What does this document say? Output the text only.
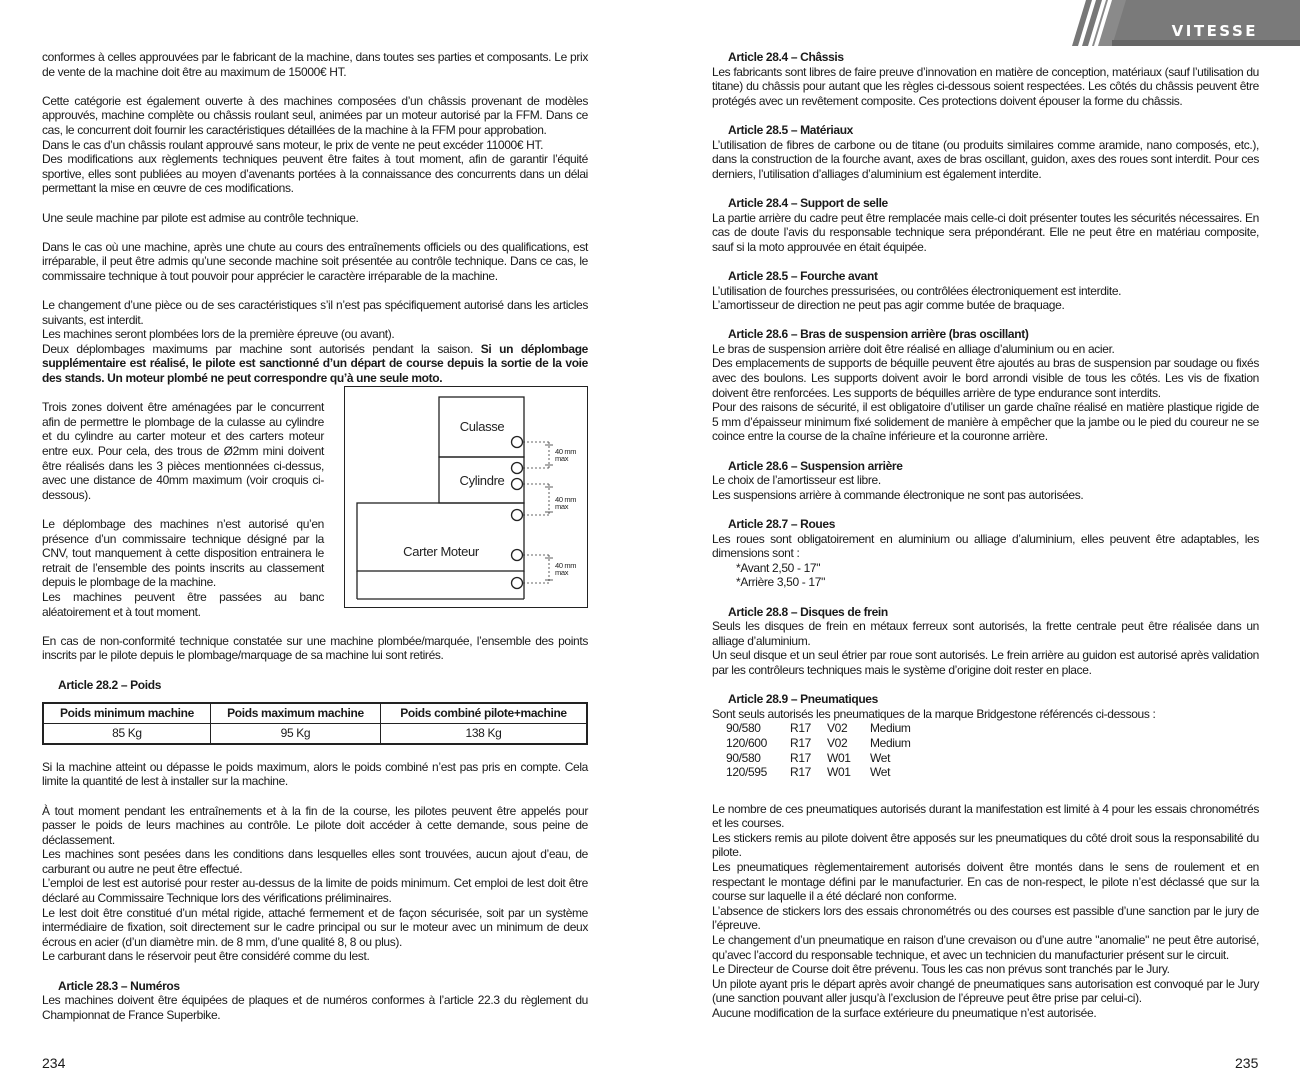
VITESSE

conformes à celles approuvées par le fabricant de la machine, dans toutes ses parties et composants. Le prix de vente de la machine doit être au maximum de 15000€ HT.

Cette catégorie est également ouverte à des machines composées d’un châssis provenant de modèles approuvés, machine complète ou châssis roulant seul, animées par un moteur autorisé par la FFM. Dans ce cas, le concurrent doit fournir les caractéristiques détaillées de la machine à la FFM pour approbation.

Dans le cas d’un châssis roulant approuvé sans moteur, le prix de vente ne peut excéder 11000€ HT.

Des modifications aux règlements techniques peuvent être faites à tout moment, afin de garantir l’équité sportive, elles sont publiées au moyen d’avenants portées à la connaissance des concurrents dans un délai permettant la mise en œuvre de ces modifications.

Une seule machine par pilote est admise au contrôle technique.

Dans le cas où une machine, après une chute au cours des entraînements officiels ou des qualifications, est irréparable, il peut être admis qu’une seconde machine soit présentée au contrôle technique. Dans ce cas, le commissaire technique à tout pouvoir pour apprécier le caractère irréparable de la machine.

Le changement d’une pièce ou de ses caractéristiques s’il n’est pas spécifiquement autorisé dans les articles suivants, est interdit.

Les machines seront plombées lors de la première épreuve (ou avant).

Deux déplombages maximums par machine sont autorisés pendant la saison. Si un déplombage supplémentaire est réalisé, le pilote est sanctionné d’un départ de course depuis la sortie de la voie des stands. Un moteur plombé ne peut correspondre qu’à une seule moto.

Trois zones doivent être aménagées par le concurrent afin de permettre le plombage de la culasse au cylindre et du cylindre au carter moteur et des carters moteur entre eux. Pour cela, des trous de Ø2mm mini doivent être réalisés dans les 3 pièces mentionnées ci-dessus, avec une distance de 40mm maximum (voir croquis ci-dessous).

Le déplombage des machines n’est autorisé qu’en présence d’un commissaire technique désigné par la CNV, tout manquement à cette disposition entrainera le retrait de l’ensemble des points inscrits au classement depuis le plombage de la machine.

Les machines peuvent être passées au banc aléatoirement et à tout moment.

Culasse
Cylindre
Carter Moteur
40 mm
max
40 mm
max
40 mm
max

En cas de non-conformité technique constatée sur une machine plombée/marquée, l’ensemble des points inscrits par le pilote depuis le plombage/marquage de sa machine lui sont retirés.

Article 28.2 – Poids

Poids minimum machine	Poids maximum machine	Poids combiné pilote+machine
85 Kg	95 Kg	138 Kg

Si la machine atteint ou dépasse le poids maximum, alors le poids combiné n’est pas pris en compte. Cela limite la quantité de lest à installer sur la machine.

À tout moment pendant les entraînements et à la fin de la course, les pilotes peuvent être appelés pour passer le poids de leurs machines au contrôle. Le pilote doit accéder à cette demande, sous peine de déclassement.

Les machines sont pesées dans les conditions dans lesquelles elles sont trouvées, aucun ajout d’eau, de carburant ou autre ne peut être effectué.

L’emploi de lest est autorisé pour rester au-dessus de la limite de poids minimum. Cet emploi de lest doit être déclaré au Commissaire Technique lors des vérifications préliminaires.

Le lest doit être constitué d’un métal rigide, attaché fermement et de façon sécurisée, soit par un système intermédiaire de fixation, soit directement sur le cadre principal ou sur le moteur avec un minimum de deux écrous en acier (d’un diamètre min. de 8 mm, d’une qualité 8, 8 ou plus).

Le carburant dans le réservoir peut être considéré comme du lest.

Article 28.3 – Numéros

Les machines doivent être équipées de plaques et de numéros conformes à l’article 22.3 du règlement du Championnat de France Superbike.

234

Article 28.4 – Châssis

Les fabricants sont libres de faire preuve d’innovation en matière de conception, matériaux (sauf l’utilisation du titane) du châssis pour autant que les règles ci-dessous soient respectées. Les côtés du châssis peuvent être protégés avec un revêtement composite. Ces protections doivent épouser la forme du châssis.

Article 28.5 – Matériaux

L’utilisation de fibres de carbone ou de titane (ou produits similaires comme aramide, nano composés, etc.), dans la construction de la fourche avant, axes de bras oscillant, guidon, axes des roues sont interdit. Pour ces derniers, l’utilisation d’alliages d’aluminium est également interdite.

Article 28.4 – Support de selle

La partie arrière du cadre peut être remplacée mais celle-ci doit présenter toutes les sécurités nécessaires. En cas de doute l’avis du responsable technique sera prépondérant. Elle ne peut être en matériau composite, sauf si la moto approuvée en était équipée.

Article 28.5 – Fourche avant

L’utilisation de fourches pressurisées, ou contrôlées électroniquement est interdite.

L’amortisseur de direction ne peut pas agir comme butée de braquage.

Article 28.6 – Bras de suspension arrière (bras oscillant)

Le bras de suspension arrière doit être réalisé en alliage d’aluminium ou en acier.

Des emplacements de supports de béquille peuvent être ajoutés au bras de suspension par soudage ou fixés avec des boulons. Les supports doivent avoir le bord arrondi visible de tous les côtés. Les vis de fixation doivent être renforcées. Les supports de béquilles arrière de type endurance sont interdits.

Pour des raisons de sécurité, il est obligatoire d’utiliser un garde chaîne réalisé en matière plastique rigide de 5 mm d’épaisseur minimum fixé solidement de manière à empêcher que la jambe ou le pied du coureur ne se coince entre la course de la chaîne inférieure et la couronne arrière.

Article 28.6 – Suspension arrière

Le choix de l’amortisseur est libre.

Les suspensions arrière à commande électronique ne sont pas autorisées.

Article 28.7 – Roues

Les roues sont obligatoirement en aluminium ou alliage d’aluminium, elles peuvent être adaptables, les dimensions sont :

*Avant 2,50 - 17"

*Arrière 3,50 - 17"

Article 28.8 – Disques de frein

Seuls les disques de frein en métaux ferreux sont autorisés, la frette centrale peut être réalisée dans un alliage d’aluminium.

Un seul disque et un seul étrier par roue sont autorisés. Le frein arrière au guidon est autorisé après validation par les contrôleurs techniques mais le système d’origine doit rester en place.

Article 28.9 – Pneumatiques

Sont seuls autorisés les pneumatiques de la marque Bridgestone référencés ci-dessous :

90/580	R17	V02	Medium
120/600	R17	V02	Medium
90/580	R17	W01	Wet
120/595	R17	W01	Wet

Le nombre de ces pneumatiques autorisés durant la manifestation est limité à 4 pour les essais chronométrés et les courses.

Les stickers remis au pilote doivent être apposés sur les pneumatiques du côté droit sous la responsabilité du pilote.

Les pneumatiques règlementairement autorisés doivent être montés dans le sens de roulement et en respectant le montage défini par le manufacturier. En cas de non-respect, le pilote n’est déclassé que sur la course sur laquelle il a été déclaré non conforme.

L’absence de stickers lors des essais chronométrés ou des courses est passible d’une sanction par le jury de l’épreuve.

Le changement d’un pneumatique en raison d’une crevaison ou d’une autre "anomalie" ne peut être autorisé, qu’avec l’accord du responsable technique, et avec un technicien du manufacturier présent sur le circuit.

Le Directeur de Course doit être prévenu. Tous les cas non prévus sont tranchés par le Jury.

Un pilote ayant pris le départ après avoir changé de pneumatiques sans autorisation est convoqué par le Jury (une sanction pouvant aller jusqu’à l’exclusion de l’épreuve peut être prise par celui-ci).

Aucune modification de la surface extérieure du pneumatique n’est autorisée.

235
